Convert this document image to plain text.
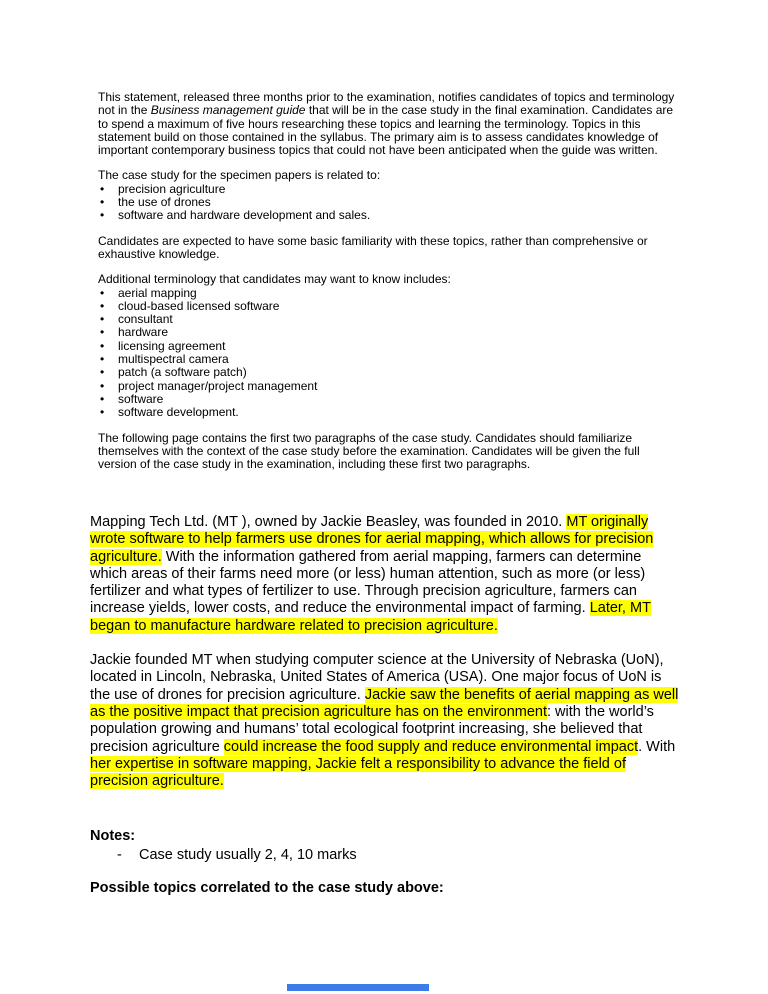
This statement, released three months prior to the examination, notifies candidates of topics and terminology not in the Business management guide that will be in the case study in the final examination. Candidates are to spend a maximum of five hours researching these topics and learning the terminology. Topics in this statement build on those contained in the syllabus. The primary aim is to assess candidates knowledge of important contemporary business topics that could not have been anticipated when the guide was written.

The case study for the specimen papers is related to:

•	precision agriculture
•	the use of drones
•	software and hardware development and sales.

Candidates are expected to have some basic familiarity with these topics, rather than comprehensive or exhaustive knowledge.

Additional terminology that candidates may want to know includes:

•	aerial mapping
•	cloud-based licensed software
•	consultant
•	hardware
•	licensing agreement
•	multispectral camera
•	patch (a software patch)
•	project manager/project management
•	software
•	software development.

The following page contains the first two paragraphs of the case study. Candidates should familiarize themselves with the context of the case study before the examination. Candidates will be given the full version of the case study in the examination, including these first two paragraphs.

Mapping Tech Ltd. (MT ), owned by Jackie Beasley, was founded in 2010. MT originally wrote software to help farmers use drones for aerial mapping, which allows for precision agriculture. With the information gathered from aerial mapping, farmers can determine which areas of their farms need more (or less) human attention, such as more (or less) fertilizer and what types of fertilizer to use. Through precision agriculture, farmers can increase yields, lower costs, and reduce the environmental impact of farming. Later, MT began to manufacture hardware related to precision agriculture.

Jackie founded MT when studying computer science at the University of Nebraska (UoN), located in Lincoln, Nebraska, United States of America (USA). One major focus of UoN is the use of drones for precision agriculture. Jackie saw the benefits of aerial mapping as well as the positive impact that precision agriculture has on the environment: with the world’s population growing and humans’ total ecological footprint increasing, she believed that precision agriculture could increase the food supply and reduce environmental impact. With her expertise in software mapping, Jackie felt a responsibility to advance the field of precision agriculture.

Notes:
-	Case study usually 2, 4, 10 marks
Possible topics correlated to the case study above:
